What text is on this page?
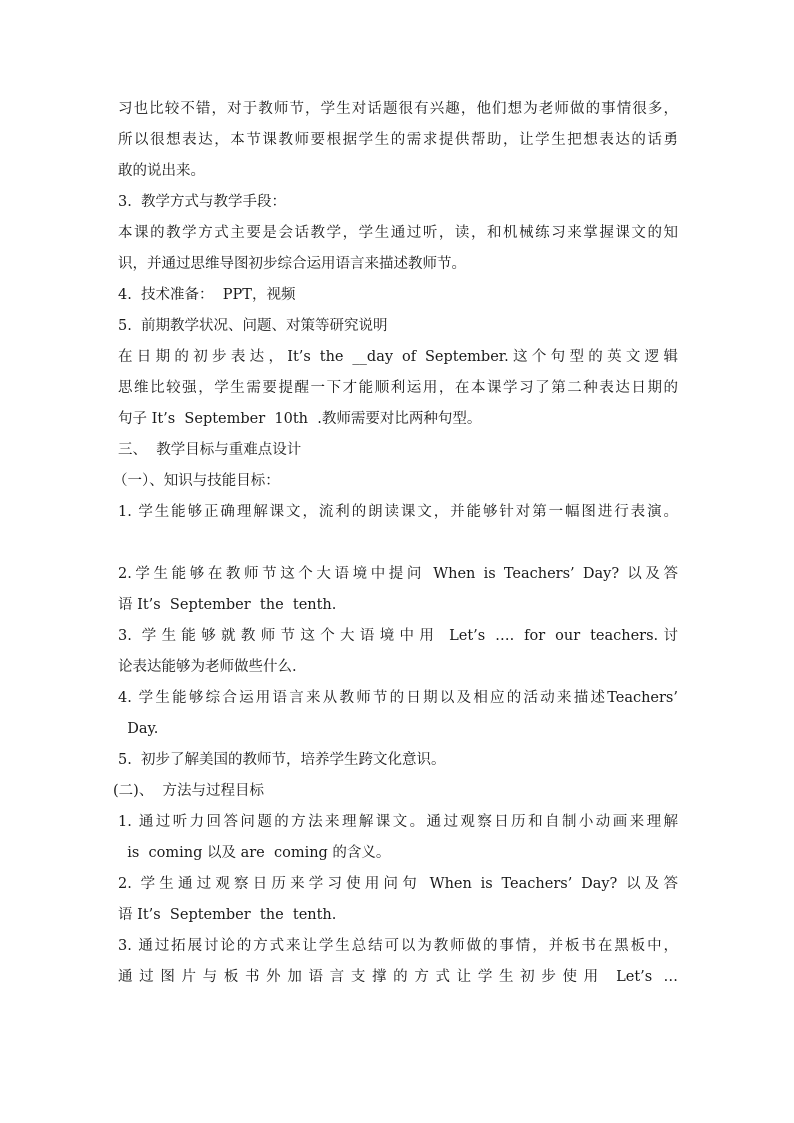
习也比较不错，对于教师节，学生对话题很有兴趣，他们想为老师做的事情很多，
所以很想表达，本节课教师要根据学生的需求提供帮助，让学生把想表达的话勇
敢的说出来。
3.  教学方式与教学手段：
本课的教学方式主要是会话教学，学生通过听，读，和机械练习来掌握课文的知
识，并通过思维导图初步综合运用语言来描述教师节。
4.  技术准备：  PPT，视频
5.  前期教学状况、问题、对策等研究说明
在日期的初步表达，It’s the __day of September.这个句型的英文逻辑
思维比较强，学生需要提醒一下才能顺利运用，在本课学习了第二种表达日期的
句子 It’s  September  10th  .教师需要对比两种句型。
三、  教学目标与重难点设计
（一）、知识与技能目标：
1. 学生能够正确理解课文，流利的朗读课文，并能够针对第一幅图进行表演。
2.学生能够在教师节这个大语境中提问 When is Teachers’ Day? 以及答
语 It’s  September  the  tenth.
3. 学生能够就教师节这个大语境中用 Let’s …. for our teachers.讨
论表达能够为老师做些什么.
4. 学生能够综合运用语言来从教师节的日期以及相应的活动来描述Teachers’
Day.
5.  初步了解美国的教师节，培养学生跨文化意识。
(二)、  方法与过程目标
1. 通过听力回答问题的方法来理解课文。通过观察日历和自制小动画来理解
is  coming 以及 are  coming 的含义。
2. 学生通过观察日历来学习使用问句 When is Teachers’ Day? 以及答
语 It’s  September  the  tenth.
3. 通过拓展讨论的方式来让学生总结可以为教师做的事情，并板书在黑板中，
通过图片与板书外加语言支撑的方式让学生初步使用 Let’s …
